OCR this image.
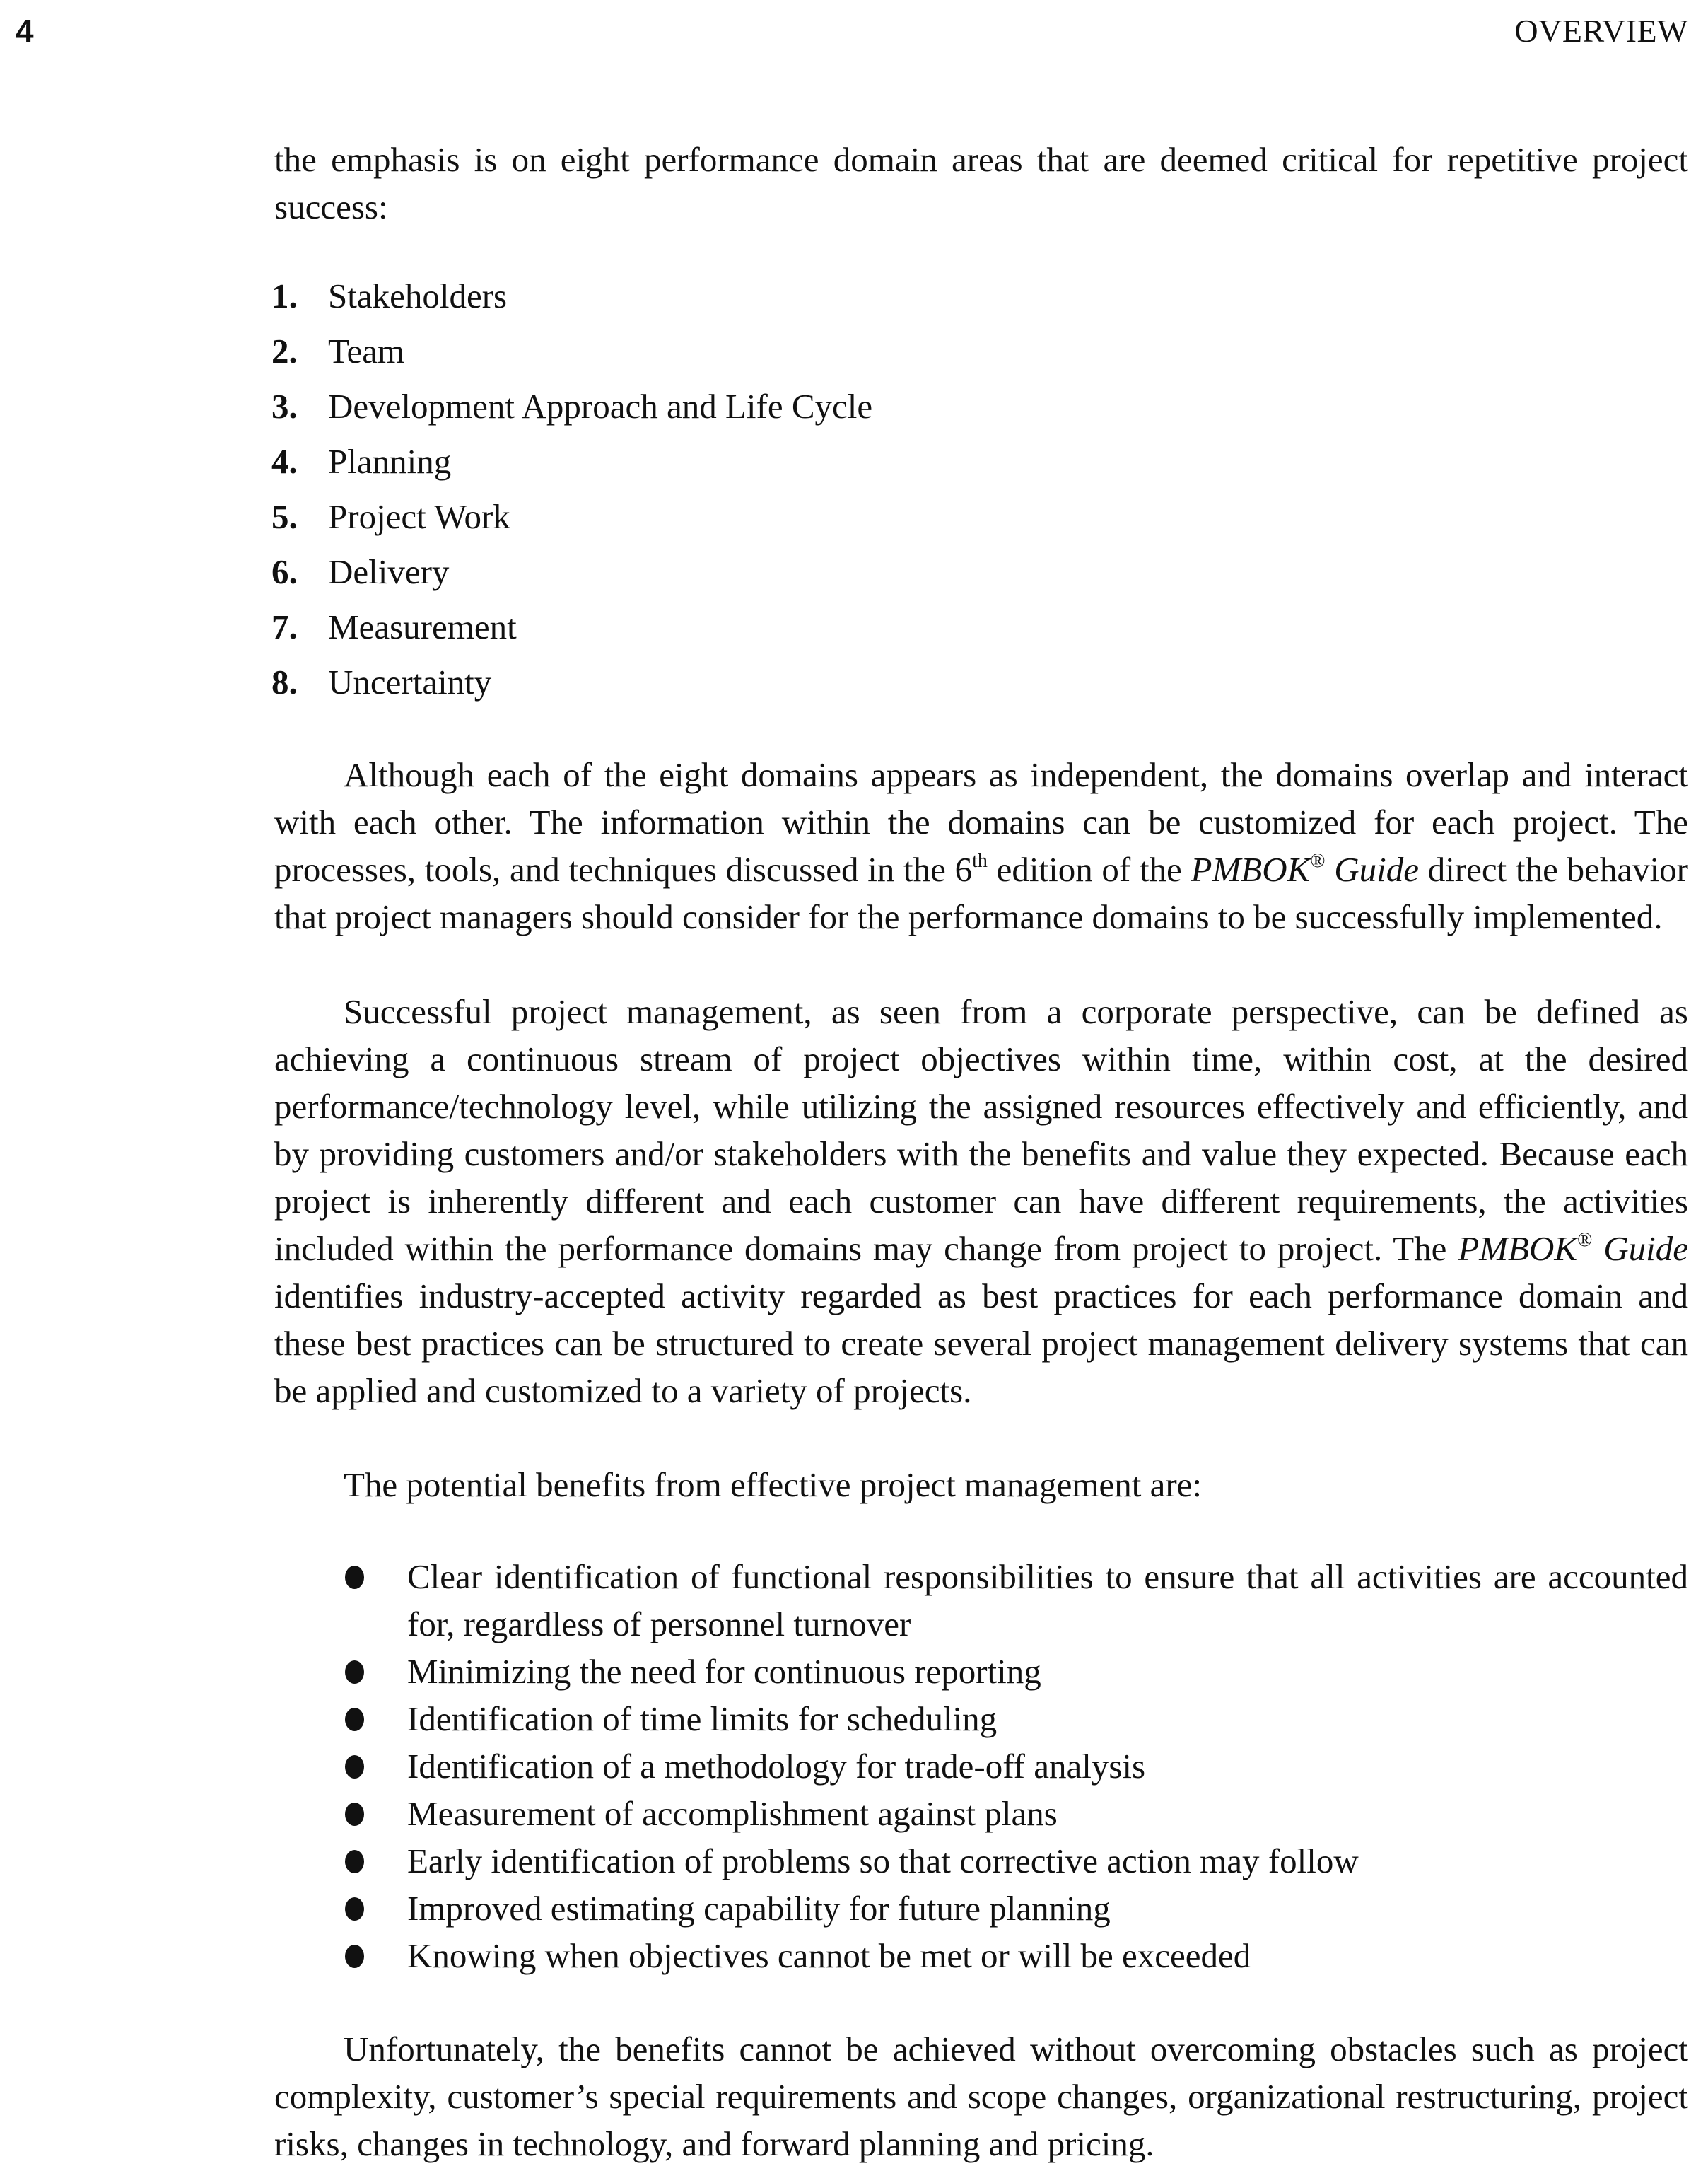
4	OVERVIEW

the emphasis is on eight performance domain areas that are deemed critical for repetitive project success:

1. Stakeholders
2. Team
3. Development Approach and Life Cycle
4. Planning
5. Project Work
6. Delivery
7. Measurement
8. Uncertainty

Although each of the eight domains appears as independent, the domains overlap and interact with each other. The information within the domains can be customized for each project. The processes, tools, and techniques discussed in the 6th edition of the PMBOK® Guide direct the behavior that project managers should consider for the performance domains to be successfully implemented.

Successful project management, as seen from a corporate perspective, can be defined as achieving a continuous stream of project objectives within time, within cost, at the desired performance/technology level, while utilizing the assigned resources effectively and efficiently, and by providing customers and/or stakeholders with the benefits and value they expected. Because each project is inherently different and each customer can have different requirements, the activities included within the performance domains may change from project to project. The PMBOK® Guide identifies industry-accepted activity regarded as best practices for each performance domain and these best practices can be structured to create several project management delivery systems that can be applied and customized to a variety of projects.

The potential benefits from effective project management are:

Clear identification of functional responsibilities to ensure that all activities are accounted for, regardless of personnel turnover
Minimizing the need for continuous reporting
Identification of time limits for scheduling
Identification of a methodology for trade-off analysis
Measurement of accomplishment against plans
Early identification of problems so that corrective action may follow
Improved estimating capability for future planning
Knowing when objectives cannot be met or will be exceeded

Unfortunately, the benefits cannot be achieved without overcoming obstacles such as project complexity, customer’s special requirements and scope changes, organizational restructuring, project risks, changes in technology, and forward planning and pricing.
